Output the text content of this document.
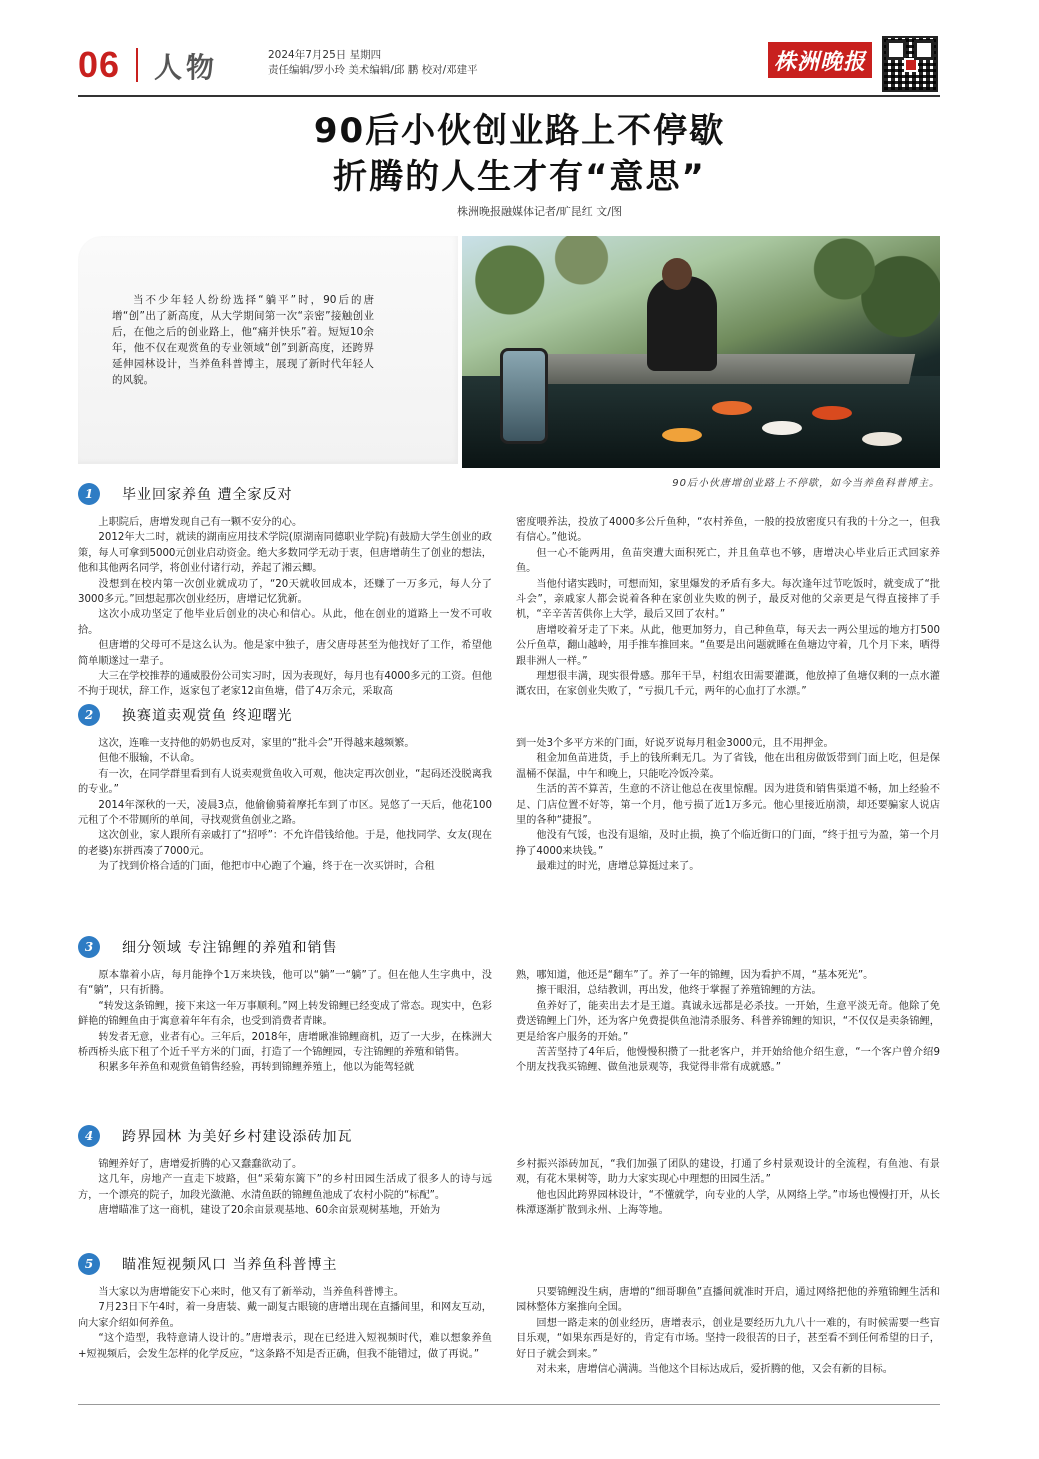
06 人物	2024年7月25日 星期四
责任编辑/罗小玲 美术编辑/邱 鹏 校对/邓建平	株洲晚报
90后小伙创业路上不停歇
折腾的人生才有“意思”
株洲晚报融媒体记者/旷昆红 文/图

当不少年轻人纷纷选择“躺平”时，90后的唐增“创”出了新高度，从大学期间第一次“亲密”接触创业后，在他之后的创业路上，他“痛并快乐”着。短短10余年，他不仅在观赏鱼的专业领域“创”到新高度，还跨界延伸园林设计，当养鱼科普博主，展现了新时代年轻人的风貌。

90后小伙唐增创业路上不停歇，如今当养鱼科普博主。
1	毕业回家养鱼 遭全家反对

上职院后，唐增发现自己有一颗不安分的心。

2012年大二时，就读的湖南应用技术学院(原湖南同德职业学院)有鼓励大学生创业的政策，每人可拿到5000元创业启动资金。绝大多数同学无动于衷，但唐增萌生了创业的想法，他和其他两名同学，将创业付诸行动，养起了湘云鲫。

没想到在校内第一次创业就成功了，“20天就收回成本，还赚了一万多元，每人分了3000多元。”回想起那次创业经历，唐增记忆犹新。

这次小成功坚定了他毕业后创业的决心和信心。从此，他在创业的道路上一发不可收拾。

但唐增的父母可不是这么认为。他是家中独子，唐父唐母甚至为他找好了工作，希望他简单顺遂过一辈子。

大三在学校推荐的通威股份公司实习时，因为表现好，每月也有4000多元的工资。但他不拘于现状，辞工作，返家包了老家12亩鱼塘，借了4万余元，采取高

密度喂养法，投放了4000多公斤鱼种，“农村养鱼，一般的投放密度只有我的十分之一，但我有信心。”他说。

但一心不能两用，鱼苗突遭大面积死亡，并且鱼草也不够，唐增决心毕业后正式回家养鱼。

当他付诸实践时，可想而知，家里爆发的矛盾有多大。每次逢年过节吃饭时，就变成了“批斗会”，亲戚家人都会说着各种在家创业失败的例子，最反对他的父亲更是气得直接摔了手机，“辛辛苦苦供你上大学，最后又回了农村。”

唐增咬着牙走了下来。从此，他更加努力，自己种鱼草，每天去一两公里远的地方打500公斤鱼草，翻山越岭，用手推车推回来。“鱼要是出问题就睡在鱼塘边守着，几个月下来，晒得跟非洲人一样。”

理想很丰满，现实很骨感。那年干旱，村组农田需要灌溉，他放掉了鱼塘仅剩的一点水灌溉农田，在家创业失败了，“亏损几千元，两年的心血打了水漂。”

2	换赛道卖观赏鱼 终迎曙光

这次，连唯一支持他的奶奶也反对，家里的“批斗会”开得越来越频繁。

但他不服输，不认命。

有一次，在同学群里看到有人说卖观赏鱼收入可观，他决定再次创业，“起码还没脱离我的专业。”

2014年深秋的一天，凌晨3点，他偷偷骑着摩托车到了市区。晃悠了一天后，他花100元租了个不带厕所的单间，寻找观赏鱼创业之路。

这次创业，家人跟所有亲戚打了“招呼”：不允许借钱给他。于是，他找同学、女友(现在的老婆)东拼西凑了7000元。

为了找到价格合适的门面，他把市中心跑了个遍，终于在一次买饼时，合租

到一处3个多平方米的门面，好说歹说每月租金3000元，且不用押金。

租金加鱼苗进货，手上的钱所剩无几。为了省钱，他在出租房做饭带到门面上吃，但是保温桶不保温，中午和晚上，只能吃冷饭冷菜。

生活的苦不算苦，生意的不济让他总在夜里惊醒。因为进货和销售渠道不畅，加上经验不足、门店位置不好等，第一个月，他亏损了近1万多元。他心里接近崩溃，却还要骗家人说店里的各种“捷报”。

他没有气馁，也没有退缩，及时止损，换了个临近街口的门面，“终于扭亏为盈，第一个月挣了4000来块钱。”

最难过的时光，唐增总算挺过来了。

3	细分领域 专注锦鲤的养殖和销售

原本靠着小店，每月能挣个1万来块钱，他可以“躺”一“躺”了。但在他人生字典中，没有“躺”，只有折腾。

“转发这条锦鲤，接下来这一年万事顺利。”网上转发锦鲤已经变成了常态。现实中，色彩鲜艳的锦鲤鱼由于寓意着年年有余，也受到消费者青睐。

转发者无意，业者有心。三年后，2018年，唐增瞅准锦鲤商机，迈了一大步，在株洲大桥西桥头底下租了个近千平方米的门面，打造了一个锦鲤园，专注锦鲤的养殖和销售。

积累多年养鱼和观赏鱼销售经验，再转到锦鲤养殖上，他以为能驾轻就

熟，哪知道，他还是“翻车”了。养了一年的锦鲤，因为看护不周，“基本死光”。

擦干眼泪，总结教训，再出发，他终于掌握了养殖锦鲤的方法。

鱼养好了，能卖出去才是王道。真诚永远都是必杀技。一开始，生意平淡无奇。他除了免费送锦鲤上门外，还为客户免费提供鱼池清杀服务、科普养锦鲤的知识，“不仅仅是卖条锦鲤，更是给客户服务的开始。”

苦苦坚持了4年后，他慢慢积攒了一批老客户，并开始给他介绍生意，“一个客户曾介绍9个朋友找我买锦鲤、做鱼池景观等，我觉得非常有成就感。”

4	跨界园林 为美好乡村建设添砖加瓦

锦鲤养好了，唐增爱折腾的心又蠢蠢欲动了。

这几年，房地产一直走下坡路，但“采菊东篱下”的乡村田园生活成了很多人的诗与远方，一个漂亮的院子，加段光潋滟、水清鱼跃的锦鲤鱼池成了农村小院的“标配”。

唐增瞄准了这一商机，建设了20余亩景观基地、60余亩景观树基地，开始为

乡村振兴添砖加瓦，“我们加强了团队的建设，打通了乡村景观设计的全流程，有鱼池、有景观，有花木果树等，助力大家实现心中理想的田园生活。”

他也因此跨界园林设计，“不懂就学，向专业的人学，从网络上学。”市场也慢慢打开，从长株潭逐渐扩散到永州、上海等地。

5	瞄准短视频风口 当养鱼科普博主

当大家以为唐增能安下心来时，他又有了新举动，当养鱼科普博主。

7月23日下午4时，着一身唐装、戴一副复古眼镜的唐增出现在直播间里，和网友互动，向大家介绍如何养鱼。

“这个造型，我特意请人设计的。”唐增表示，现在已经进入短视频时代，难以想象养鱼+短视频后，会发生怎样的化学反应，“这条路不知是否正确，但我不能错过，做了再说。”

只要锦鲤没生病，唐增的“细哥聊鱼”直播间就准时开启，通过网络把他的养殖锦鲤生活和园林整体方案推向全国。

回想一路走来的创业经历，唐增表示，创业是要经历九九八十一难的，有时候需要一些盲目乐观，“如果东西是好的，肯定有市场。坚持一段很苦的日子，甚至看不到任何希望的日子，好日子就会到来。”

对未来，唐增信心满满。当他这个目标达成后，爱折腾的他，又会有新的目标。
